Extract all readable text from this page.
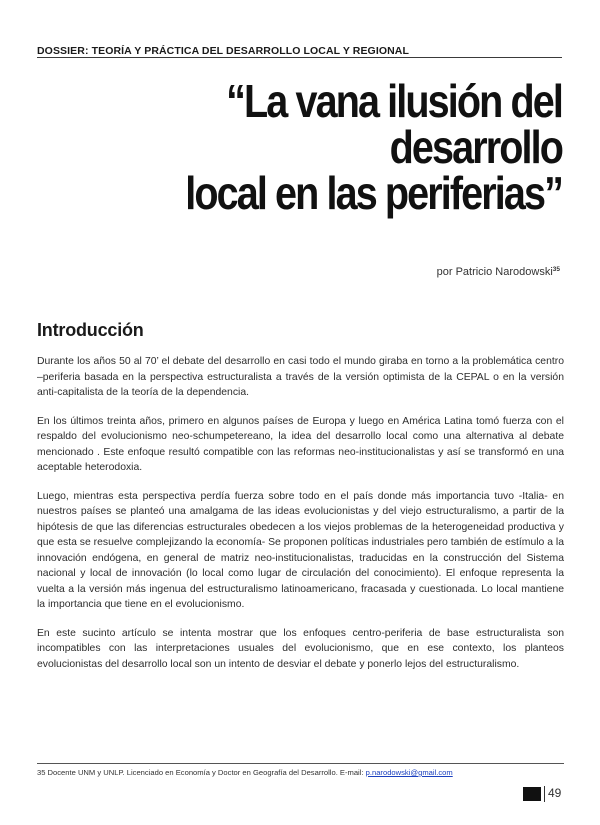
DOSSIER: TEORÍA Y PRÁCTICA DEL DESARROLLO LOCAL Y REGIONAL
“La vana ilusión del desarrollo
local en las periferias”
por Patricio Narodowski$^{35}$
Introducción

Durante los años 50 al 70’ el debate del desarrollo en casi todo el mundo giraba en torno a la problemática centro –periferia basada en la perspectiva estructuralista a través de la versión optimista de la CEPAL o en la versión anti-capitalista de la teoría de la dependencia.

En los últimos treinta años, primero en algunos países de Europa y luego en América Latina tomó fuerza con el respaldo del evolucionismo neo-schumpetereano, la idea del desarrollo local como una alternativa al debate mencionado . Este enfoque resultó compatible con las reformas neo-institucionalistas y así se transformó en una aceptable heterodoxia.

Luego, mientras esta perspectiva perdía fuerza sobre todo en el país donde más importancia tuvo -Italia- en nuestros países se planteó una amalgama de las ideas evolucionistas y del viejo estructuralismo, a partir de la hipótesis de que las diferencias estructurales obedecen a los viejos problemas de la heterogeneidad productiva y que esta se resuelve complejizando la economía- Se proponen políticas industriales pero también de estímulo a la innovación endógena, en general de matriz neo-institucionalistas, traducidas en la construcción del Sistema nacional y local de innovación (lo local como lugar de circulación del conocimiento). El enfoque representa la vuelta a la versión más ingenua del estructuralismo latinoamericano, fracasada y cuestionada. Lo local mantiene la importancia que tiene en el evolucionismo.

En este sucinto artículo se intenta mostrar que los enfoques centro-periferia de base estructuralista son incompatibles con las interpretaciones usuales del evolucionismo, que en ese contexto, los planteos evolucionistas del desarrollo local son un intento de desviar el debate y ponerlo lejos del estructuralismo.

35 Docente UNM y UNLP. Licenciado en Economía y Doctor en Geografía del Desarrollo. E-mail: p.narodowski@gmail.com
49
